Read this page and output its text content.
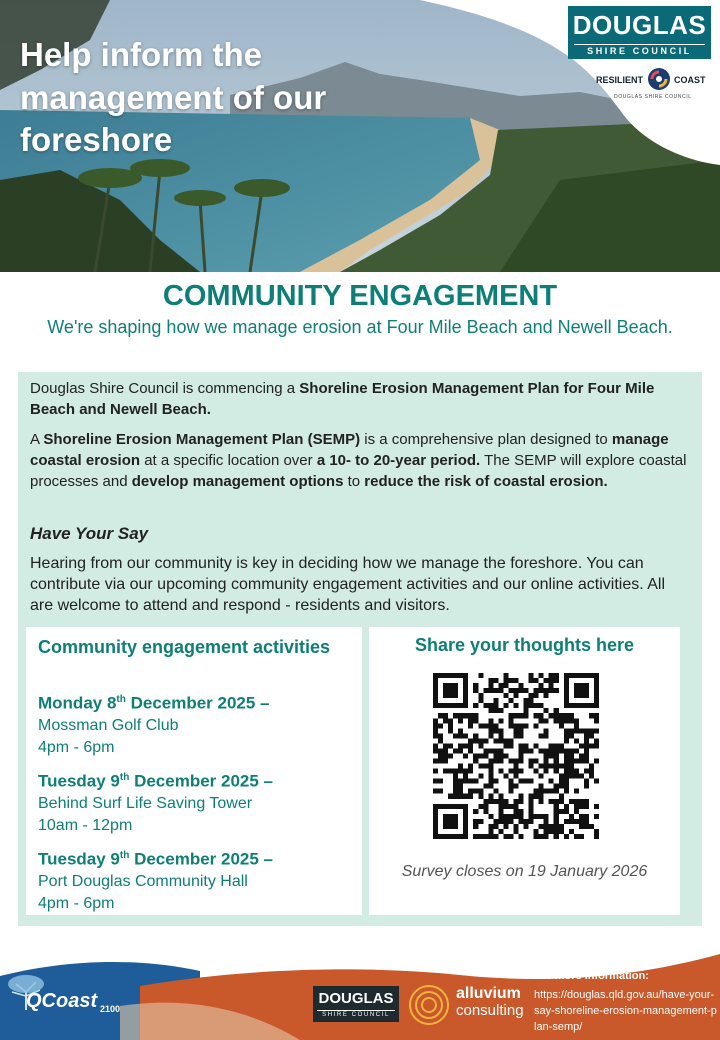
Help inform the management of our foreshore
DOUGLAS
SHIRE COUNCIL
RESILIENT	COAST
DOUGLAS SHIRE COUNCIL
COMMUNITY ENGAGEMENT
We're shaping how we manage erosion at Four Mile Beach and Newell Beach.
Douglas Shire Council is commencing a Shoreline Erosion Management Plan for Four Mile Beach and Newell Beach.
A Shoreline Erosion Management Plan (SEMP) is a comprehensive plan designed to manage coastal erosion at a specific location over a 10- to 20-year period. The SEMP will explore coastal processes and develop management options to reduce the risk of coastal erosion.
Have Your Say
Hearing from our community is key in deciding how we manage the foreshore. You can contribute via our upcoming community engagement activities and our online activities. All are welcome to attend and respond - residents and visitors.
Community engagement activities
Monday 8th December 2025 –
Mossman Golf Club
4pm - 6pm
Tuesday 9th December 2025 –
Behind Surf Life Saving Tower
10am - 12pm
Tuesday 9th December 2025 –
Port Douglas Community Hall
4pm - 6pm
Share your thoughts here
Survey closes on 19 January 2026
QCoast 2100
DOUGLAS
SHIRE COUNCIL
alluvium
consulting
For more information:
https://douglas.qld.gov.au/have-your-say-shoreline-erosion-management-plan-semp/
